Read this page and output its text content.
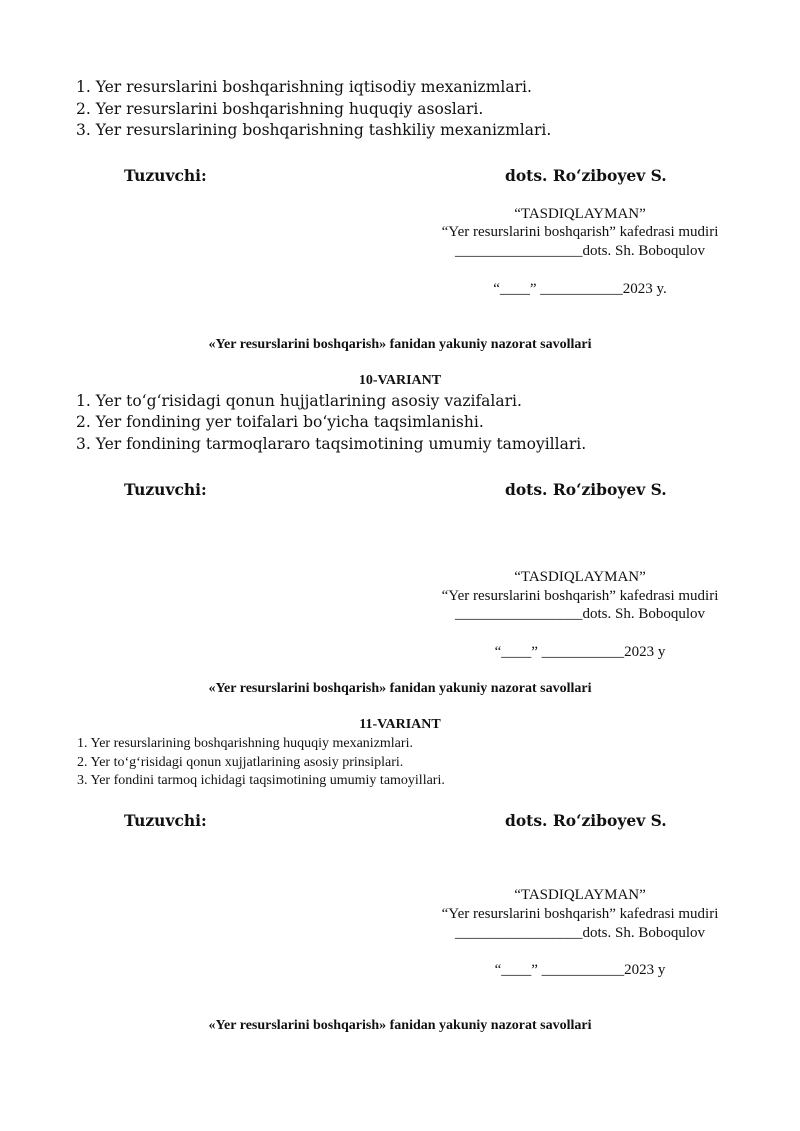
1. Yer resurslarini boshqarishning iqtisodiy mexanizmlari.
2. Yer resurslarini boshqarishning huquqiy asoslari.
3. Yer resurslarining boshqarishning tashkiliy mexanizmlari.
Tuzuvchi:	dots. Ro‘ziboyev S.
“TASDIQLAYMAN”
“Yer resurslarini boshqarish” kafedrasi mudiri
_________________dots. Sh. Boboqulov
“____” ___________2023 y.
«Yer resurslarini boshqarish» fanidan yakuniy nazorat savollari
10-VARIANT
1. Yer to‘g‘risidagi qonun hujjatlarining asosiy vazifalari.
2. Yer fondining yer toifalari bo‘yicha taqsimlanishi.
3. Yer fondining tarmoqlararo taqsimotining umumiy tamoyillari.
Tuzuvchi:	dots. Ro‘ziboyev S.
“TASDIQLAYMAN”
“Yer resurslarini boshqarish” kafedrasi mudiri
_________________dots. Sh. Boboqulov
“____” ___________2023 y
«Yer resurslarini boshqarish» fanidan yakuniy nazorat savollari
11-VARIANT
1. Yer resurslarining boshqarishning huquqiy mexanizmlari.
2. Yer to‘g‘risidagi qonun xujjatlarining asosiy prinsiplari.
3. Yer fondini tarmoq ichidagi taqsimotining umumiy tamoyillari.
Tuzuvchi:	dots. Ro‘ziboyev S.
“TASDIQLAYMAN”
“Yer resurslarini boshqarish” kafedrasi mudiri
_________________dots. Sh. Boboqulov
“____” ___________2023 y
«Yer resurslarini boshqarish» fanidan yakuniy nazorat savollari
